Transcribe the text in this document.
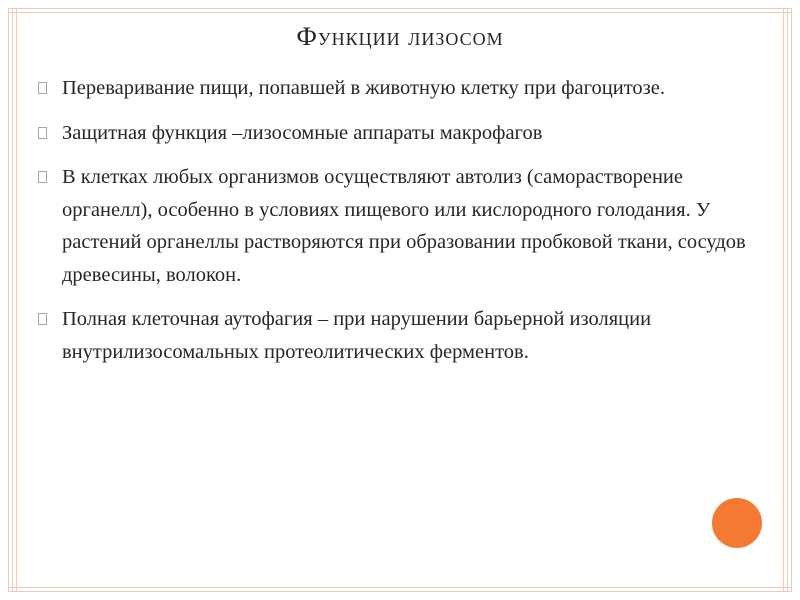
Функции лизосом
Переваривание пищи, попавшей в животную клетку при фагоцитозе.
Защитная функция –лизосомные аппараты макрофагов
В клетках любых организмов осуществляют автолиз (саморастворение органелл), особенно в условиях пищевого или кислородного голодания. У растений органеллы растворяются при образовании пробковой ткани, сосудов древесины, волокон.
Полная клеточная аутофагия – при нарушении барьерной изоляции внутрилизосомальных протеолитических ферментов.
